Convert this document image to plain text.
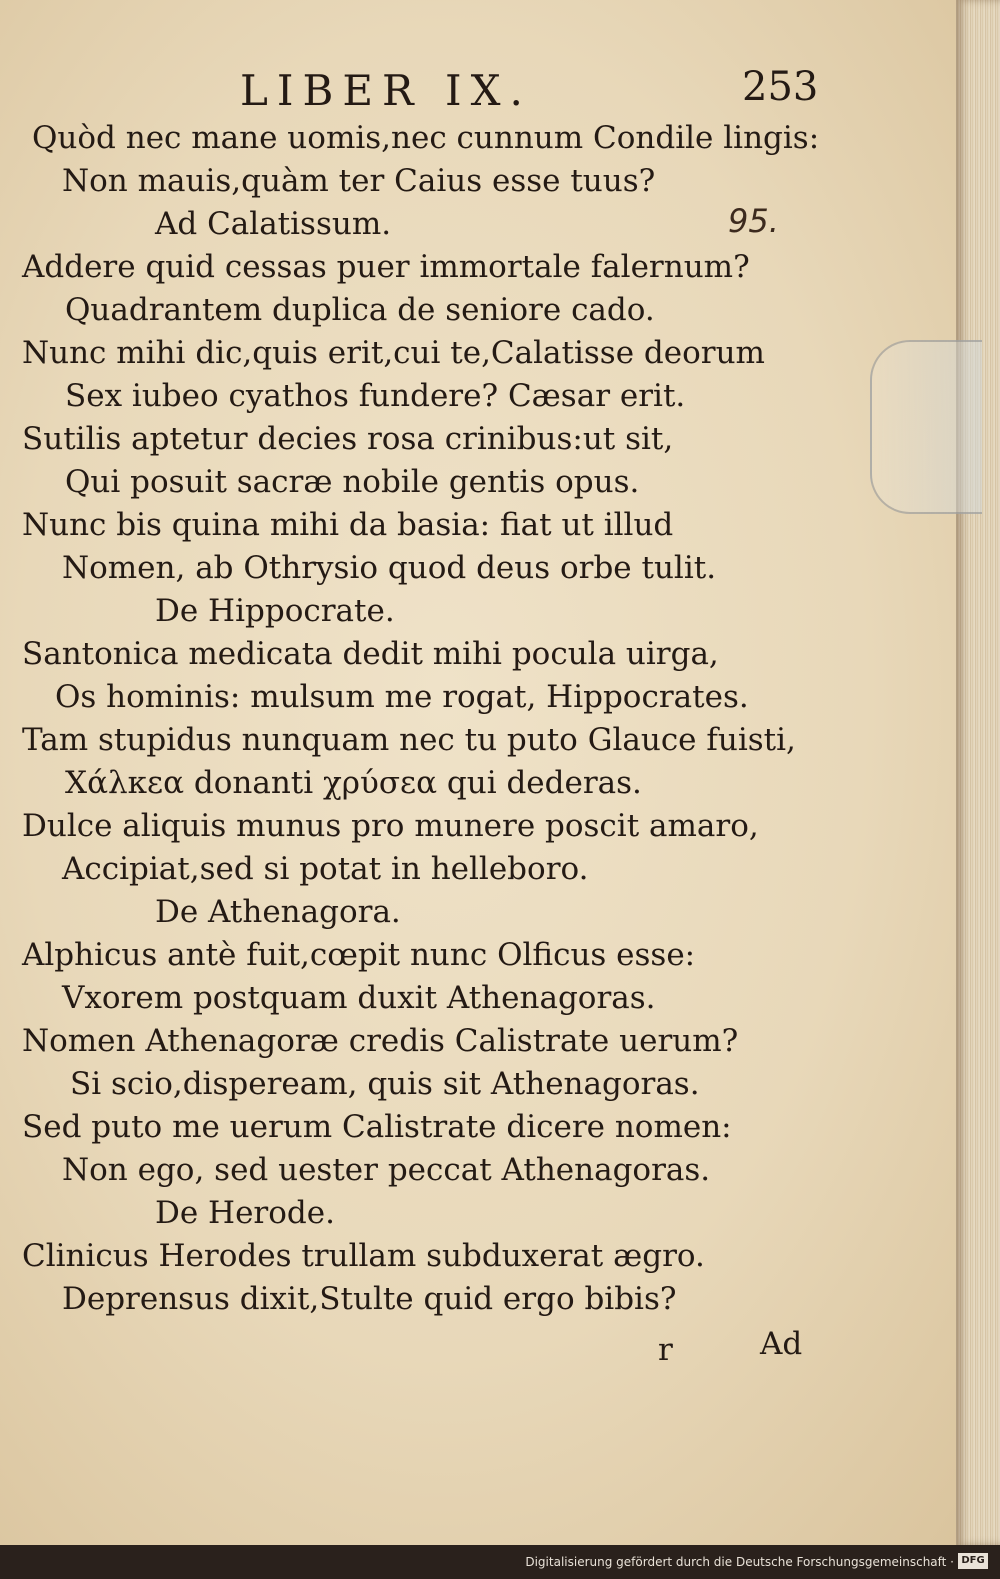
LIBER IX.	253
95.
Quòd nec mane uomis,nec cunnum Condile lingis:
Non mauis,quàm ter Caius esse tuus?
Ad Calatissum.
Addere quid cessas puer immortale falernum?
Quadrantem duplica de seniore cado.
Nunc mihi dic,quis erit,cui te,Calatisse deorum
Sex iubeo cyathos fundere? Cæsar erit.
Sutilis aptetur decies rosa crinibus:ut sit,
Qui posuit sacræ nobile gentis opus.
Nunc bis quina mihi da basia: fiat ut illud
Nomen, ab Othrysio quod deus orbe tulit.
De Hippocrate.
Santonica medicata dedit mihi pocula uirga,
Os hominis: mulsum me rogat, Hippocrates.
Tam stupidus nunquam nec tu puto Glauce fuisti,
Χάλκεα donanti χρύσεα qui dederas.
Dulce aliquis munus pro munere poscit amaro,
Accipiat,sed si potat in helleboro.
De Athenagora.
Alphicus antè fuit,cœpit nunc Olficus esse:
Vxorem postquam duxit Athenagoras.
Nomen Athenagoræ credis Calistrate uerum?
Si scio,dispeream, quis sit Athenagoras.
Sed puto me uerum Calistrate dicere nomen:
Non ego, sed uester peccat Athenagoras.
De Herode.
Clinicus Herodes trullam subduxerat ægro.
Deprensus dixit,Stulte quid ergo bibis?
r	Ad
Digitalisierung gefördert durch die Deutsche Forschungsgemeinschaft · DFG
